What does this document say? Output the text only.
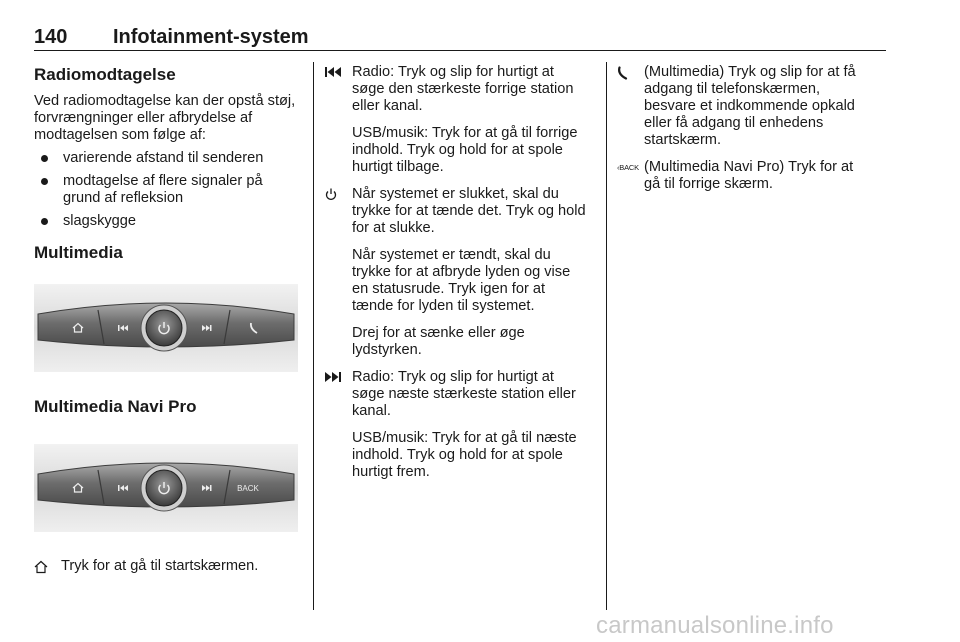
140 Infotainment-system
Radiomodtagelse

Ved radiomodtagelse kan der opstå støj, forvrængninger eller afbrydelse af modtagelsen som følge af:

varierende afstand til senderen
modtagelse af flere signaler på grund af refleksion
slagskygge
Multimedia
Multimedia Navi Pro
BACK
Tryk for at gå til startskærmen.

Radio: Tryk og slip for hurtigt at søge den stærkeste forrige station eller kanal.

USB/musik: Tryk for at gå til forrige indhold. Tryk og hold for at spole hurtigt tilbage.

Når systemet er slukket, skal du trykke for at tænde det. Tryk og hold for at slukke.

Når systemet er tændt, skal du trykke for at afbryde lyden og vise en statusrude. Tryk igen for at tænde for lyden til systemet.

Drej for at sænke eller øge lydstyrken.

Radio: Tryk og slip for hurtigt at søge næste stærkeste station eller kanal.

USB/musik: Tryk for at gå til næste indhold. Tryk og hold for at spole hurtigt frem.

(Multimedia) Tryk og slip for at få adgang til telefonskærmen, besvare et indkommende opkald eller få adgang til enhedens startskærm.

‹BACK (Multimedia Navi Pro) Tryk for at gå til forrige skærm.

carmanualsonline.info
